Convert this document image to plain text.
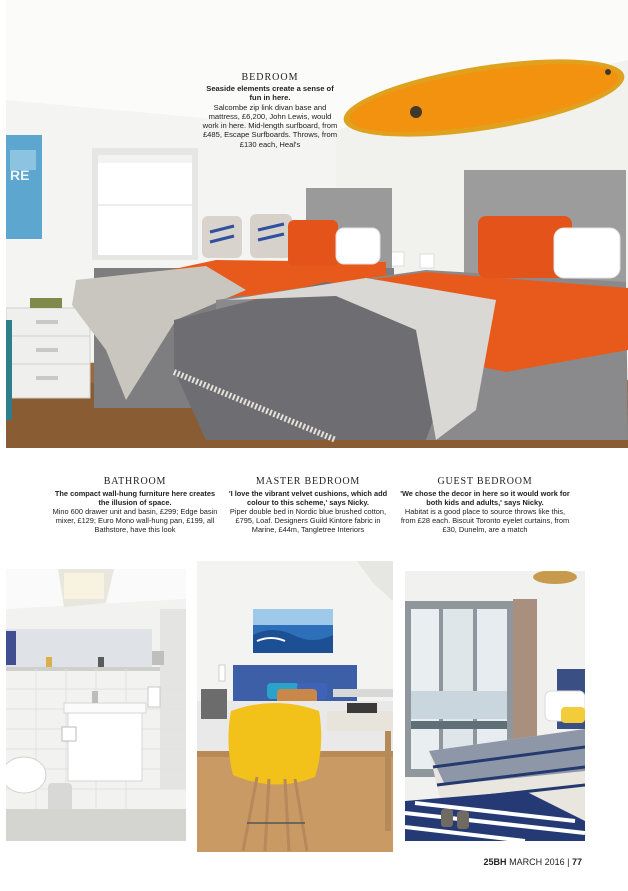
RE
BEDROOM
Seaside elements create a sense of fun in here.
Salcombe zip link divan base and mattress, £6,200, John Lewis, would work in here. Mid-length surfboard, from £485, Escape Surfboards. Throws, from £130 each, Heal's
BATHROOM
The compact wall-hung furniture here creates the illusion of space.
Mino 600 drawer unit and basin, £299; Edge basin mixer, £129; Euro Mono wall-hung pan, £199, all Bathstore, have this look
MASTER BEDROOM
'I love the vibrant velvet cushions, which add colour to this scheme,' says Nicky.
Piper double bed in Nordic blue brushed cotton, £795, Loaf. Designers Guild Kintore fabric in Marine, £44m, Tangletree Interiors
GUEST BEDROOM
'We chose the decor in here so it would work for both kids and adults,' says Nicky.
Habitat is a good place to source throws like this, from £28 each. Biscuit Toronto eyelet curtains, from £30, Dunelm, are a match
25BH MARCH 2016 | 77
